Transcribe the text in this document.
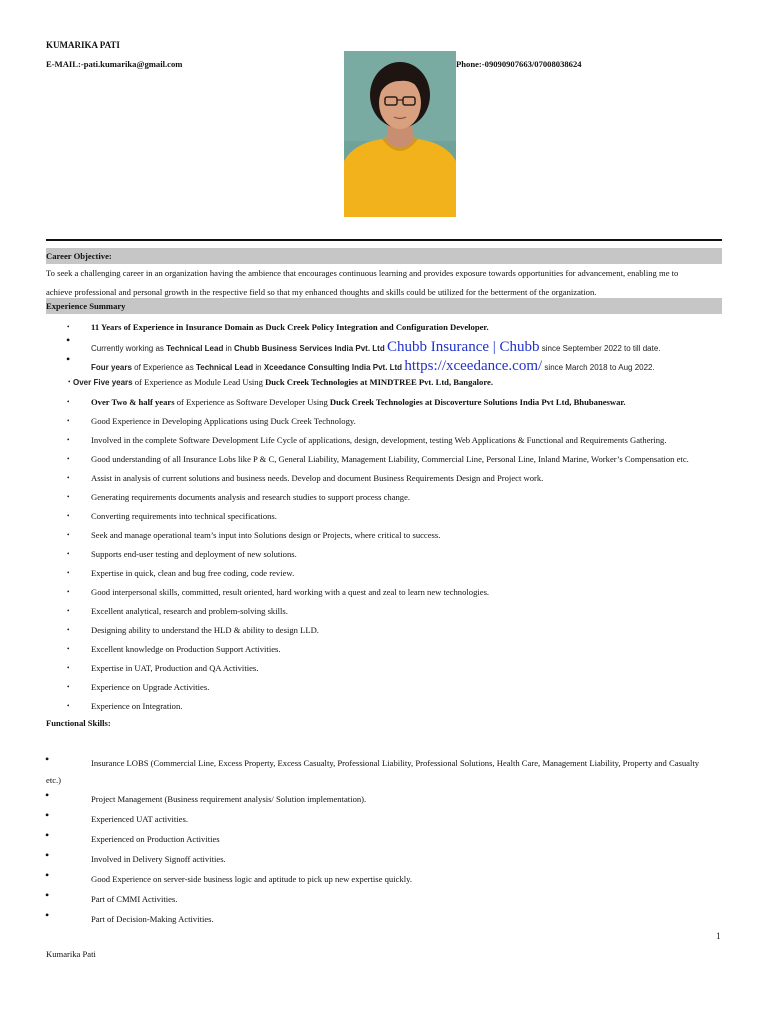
KUMARIKA PATI
E-MAIL:-pati.kumarika@gmail.com	Phone:-09090907663/07008038624
Career Objective:
To seek a challenging career in an organization having the ambience that encourages continuous learning and provides exposure towards opportunities for advancement, enabling me to
achieve professional and personal growth in the respective field so that my enhanced thoughts and skills could be utilized for the betterment of the organization.
Experience Summary
•	11 Years of Experience in Insurance Domain as Duck Creek Policy Integration and Configuration Developer.
•
Currently working as Technical Lead in Chubb Business Services India Pvt. Ltd Chubb Insurance | Chubb since September 2022 to till date.
•
Four years of Experience as Technical Lead in Xceedance Consulting India Pvt. Ltd https://xceedance.com/ since March 2018 to Aug 2022.
• Over Five years of Experience as Module Lead Using Duck Creek Technologies at MINDTREE Pvt. Ltd, Bangalore.
•	Over Two & half years of Experience as Software Developer Using Duck Creek Technologies at Discoverture Solutions India Pvt Ltd, Bhubaneswar.
•	Good Experience in Developing Applications using Duck Creek Technology.
•	Involved in the complete Software Development Life Cycle of applications, design, development, testing Web Applications & Functional and Requirements Gathering.
•	Good understanding of all Insurance Lobs like P & C, General Liability, Management Liability, Commercial Line, Personal Line, Inland Marine, Worker’s Compensation etc.
•	Assist in analysis of current solutions and business needs. Develop and document Business Requirements Design and Project work.
•	Generating requirements documents analysis and research studies to support process change.
•	Converting requirements into technical specifications.
•	Seek and manage operational team’s input into Solutions design or Projects, where critical to success.
•	Supports end-user testing and deployment of new solutions.
•	Expertise in quick, clean and bug free coding, code review.
•	Good interpersonal skills, committed, result oriented, hard working with a quest and zeal to learn new technologies.
•	Excellent analytical, research and problem-solving skills.
•	Designing ability to understand the HLD & ability to design LLD.
•	Excellent knowledge on Production Support Activities.
•	Expertise in UAT, Production and QA Activities.
•	Experience on Upgrade Activities.
•	Experience on Integration.
Functional Skills:
•	Insurance LOBS (Commercial Line, Excess Property, Excess Casualty, Professional Liability, Professional Solutions, Health Care, Management Liability, Property and Casualty
etc.)
•	Project Management (Business requirement analysis/ Solution implementation).
•	Experienced UAT activities.
•	Experienced on Production Activities
•	Involved in Delivery Signoff activities.
•	Good Experience on server-side business logic and aptitude to pick up new expertise quickly.
•	Part of CMMI Activities.
•	Part of Decision-Making Activities.
1
Kumarika Pati
